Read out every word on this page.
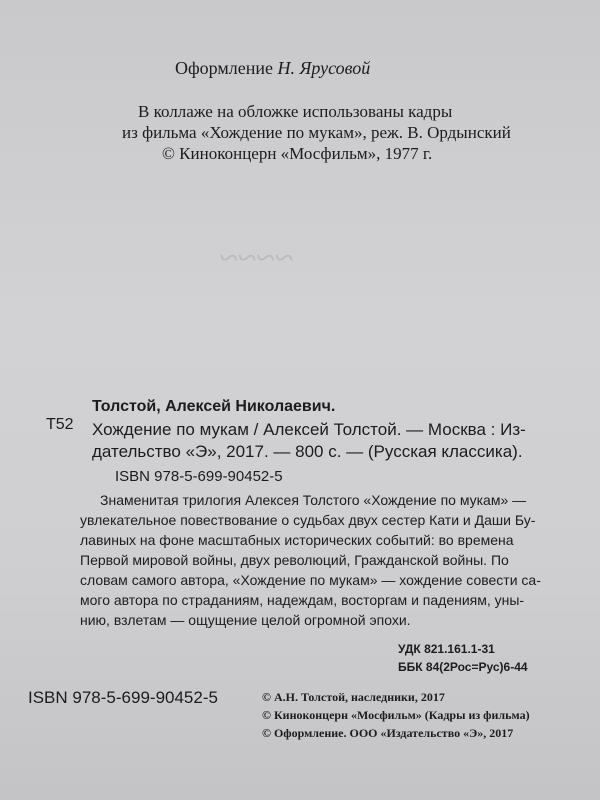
~~~~
Оформление Н. Ярусовой
В коллаже на обложке использованы кадры
из фильма «Хождение по мукам», реж. В. Ордынский
© Киноконцерн «Мосфильм», 1977 г.
Толстой, Алексей Николаевич.
Т52 Хождение по мукам / Алексей Толстой. — Москва : Из-
дательство «Э», 2017. — 800 с. — (Русская классика).
ISBN 978-5-699-90452-5
Знаменитая трилогия Алексея Толстого «Хождение по мукам» —
увлекательное повествование о судьбах двух сестер Кати и Даши Бу-
лавиных на фоне масштабных исторических событий: во времена
Первой мировой войны, двух революций, Гражданской войны. По
словам самого автора, «Хождение по мукам» — хождение совести са-
мого автора по страданиям, надеждам, восторгам и падениям, уны-
нию, взлетам — ощущение целой огромной эпохи.
УДК 821.161.1-31
ББК 84(2Рос=Рус)6-44
ISBN 978-5-699-90452-5	© А.Н. Толстой, наследники, 2017
© Киноконцерн «Мосфильм» (Кадры из фильма)
© Оформление. ООО «Издательство «Э», 2017
